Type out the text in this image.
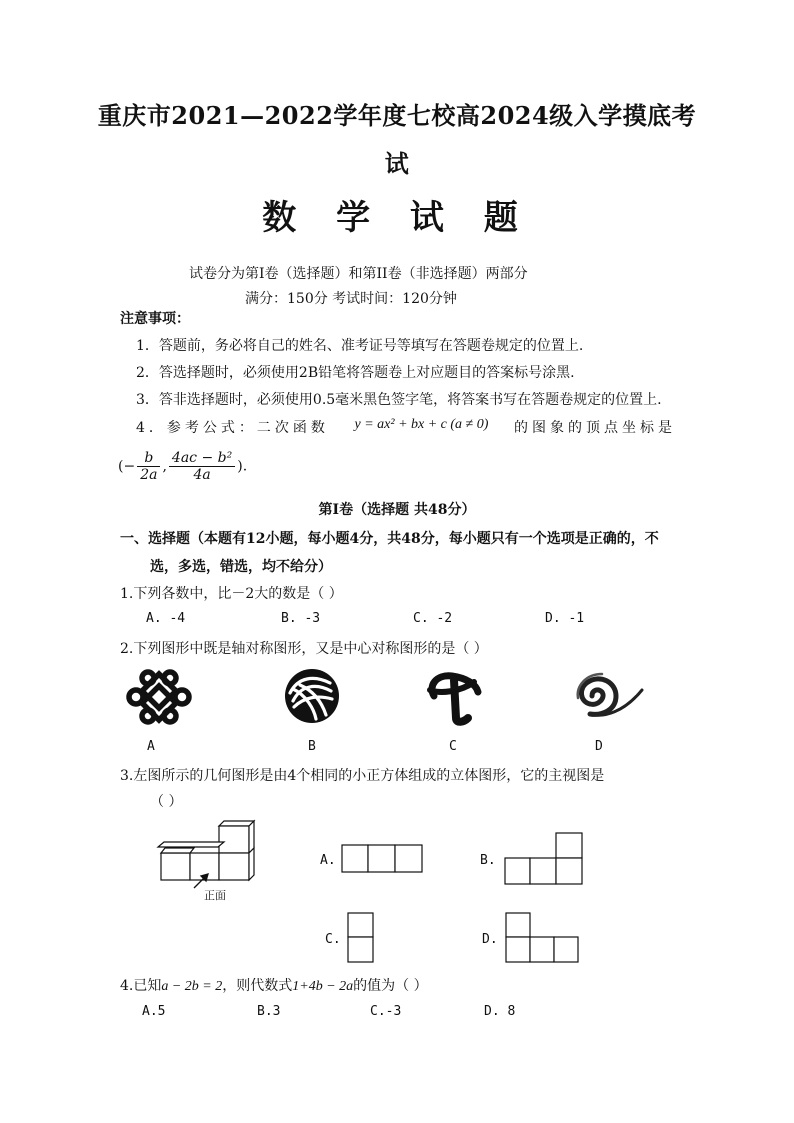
重庆市2021—2022学年度七校高2024级入学摸底考
试
数 学 试 题
试卷分为第Ⅰ卷（选择题）和第II卷（非选择题）两部分
满分：150分 考试时间：120分钟
注意事项：
1．答题前，务必将自己的姓名、准考证号等填写在答题卷规定的位置上.
2．答选择题时，必须使用2B铅笔将答题卷上对应题目的答案标号涂黑.
3．答非选择题时，必须使用0.5毫米黑色签字笔，将答案书写在答题卷规定的位置上.
4．参考公式：二次函数 y = ax² + bx + c (a ≠ 0) 的图象的顶点坐标是
(− $\frac{b}{2a}$ , $\frac{\text{4ac − b²}}{4a}$ ).
第Ⅰ卷（选择题 共48分）
一、选择题（本题有12小题，每小题4分，共48分，每小题只有一个选项是正确的，不
选，多选，错选，均不给分）
1.下列各数中，比－2大的数是（ ）
A. -4	B. -3	C. -2	D. -1
2.下列图形中既是轴对称图形，又是中心对称图形的是（ ）
A	B	C	D
3.左图所示的几何图形是由4个相同的小正方体组成的立体图形，它的主视图是
（ ）
正面
A.	B.
C.	D.
4.已知a − 2b = 2，则代数式1+4b − 2a的值为（ ）
A.5	B.3	C.-3	D. 8
